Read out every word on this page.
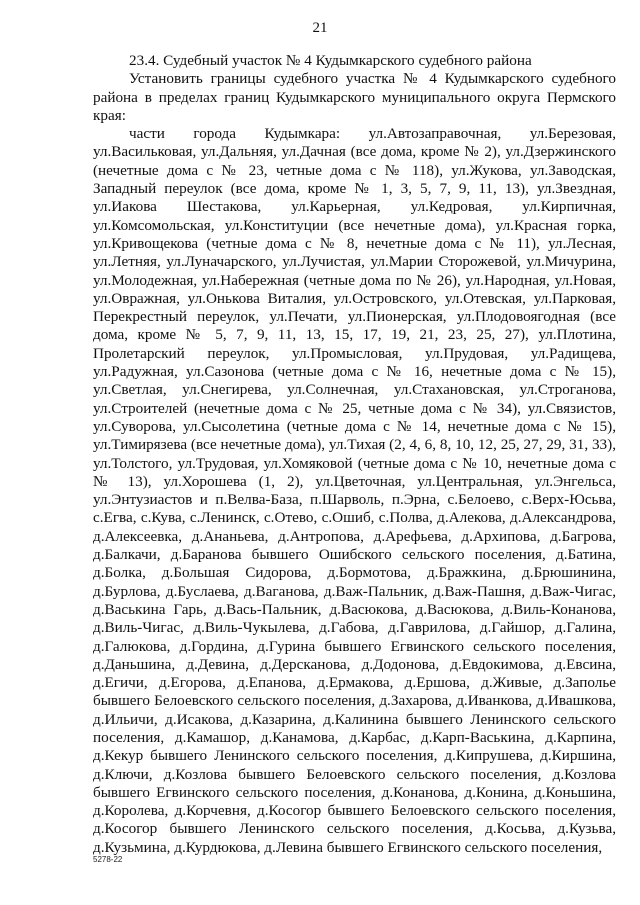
21

23.4. Судебный участок № 4 Кудымкарского судебного района

Установить границы судебного участка № 4 Кудымкарского судебного района в пределах границ Кудымкарского муниципального округа Пермского края:

части города Кудымкара: ул.Автозаправочная, ул.Березовая, ул.Васильковая, ул.Дальняя, ул.Дачная (все дома, кроме № 2), ул.Дзержинского (нечетные дома с № 23, четные дома с № 118), ул.Жукова, ул.Заводская, Западный переулок (все дома, кроме № 1, 3, 5, 7, 9, 11, 13), ул.Звездная, ул.Иакова Шестакова, ул.Карьерная, ул.Кедровая, ул.Кирпичная, ул.Комсомольская, ул.Конституции (все нечетные дома), ул.Красная горка, ул.Кривощекова (четные дома с № 8, нечетные дома с № 11), ул.Лесная, ул.Летняя, ул.Луначарского, ул.Лучистая, ул.Марии Сторожевой, ул.Мичурина, ул.Молодежная, ул.Набережная (четные дома по № 26), ул.Народная, ул.Новая, ул.Овражная, ул.Онькова Виталия, ул.Островского, ул.Отевская, ул.Парковая, Перекрестный переулок, ул.Печати, ул.Пионерская, ул.Плодовоягодная (все дома, кроме № 5, 7, 9, 11, 13, 15, 17, 19, 21, 23, 25, 27), ул.Плотина, Пролетарский переулок, ул.Промысловая, ул.Прудовая, ул.Радищева, ул.Радужная, ул.Сазонова (четные дома с № 16, нечетные дома с № 15), ул.Светлая, ул.Снегирева, ул.Солнечная, ул.Стахановская, ул.Строганова, ул.Строителей (нечетные дома с № 25, четные дома с № 34), ул.Связистов, ул.Суворова, ул.Сысолетина (четные дома с № 14, нечетные дома с № 15), ул.Тимирязева (все нечетные дома), ул.Тихая (2, 4, 6, 8, 10, 12, 25, 27, 29, 31, 33), ул.Толстого, ул.Трудовая, ул.Хомяковой (четные дома с № 10, нечетные дома с № 13), ул.Хорошева (1, 2), ул.Цветочная, ул.Центральная, ул.Энгельса, ул.Энтузиастов и п.Велва-База, п.Шарволь, п.Эрна, с.Белоево, с.Верх-Юсьва, с.Егва, с.Кува, с.Ленинск, с.Отево, с.Ошиб, с.Полва, д.Алекова, д.Александрова, д.Алексеевка, д.Ананьева, д.Антропова, д.Арефьева, д.Архипова, д.Багрова, д.Балкачи, д.Баранова бывшего Ошибского сельского поселения, д.Батина, д.Болка, д.Большая Сидорова, д.Бормотова, д.Бражкина, д.Брюшинина, д.Бурлова, д.Буслаева, д.Ваганова, д.Важ-Пальник, д.Важ-Пашня, д.Важ-Чигас, д.Васькина Гарь, д.Вась-Пальник, д.Васюкова, д.Васюкова, д.Виль-Конанова, д.Виль-Чигас, д.Виль-Чукылева, д.Габова, д.Гаврилова, д.Гайшор, д.Галина, д.Галюкова, д.Гордина, д.Гурина бывшего Егвинского сельского поселения, д.Даньшина, д.Девина, д.Дерсканова, д.Додонова, д.Евдокимова, д.Евсина, д.Егичи, д.Егорова, д.Епанова, д.Ермакова, д.Ершова, д.Живые, д.Заполье бывшего Белоевского сельского поселения, д.Захарова, д.Иванкова, д.Ивашкова, д.Ильичи, д.Исакова, д.Казарина, д.Калинина бывшего Ленинского сельского поселения, д.Камашор, д.Канамова, д.Карбас, д.Карп-Васькина, д.Карпина, д.Кекур бывшего Ленинского сельского поселения, д.Кипрушева, д.Киршина, д.Ключи, д.Козлова бывшего Белоевского сельского поселения, д.Козлова бывшего Егвинского сельского поселения, д.Конанова, д.Конина, д.Коньшина, д.Королева, д.Корчевня, д.Косогор бывшего Белоевского сельского поселения, д.Косогор бывшего Ленинского сельского поселения, д.Косьва, д.Кузьва, д.Кузьмина, д.Курдюкова, д.Левина бывшего Егвинского сельского поселения,

5278-22
